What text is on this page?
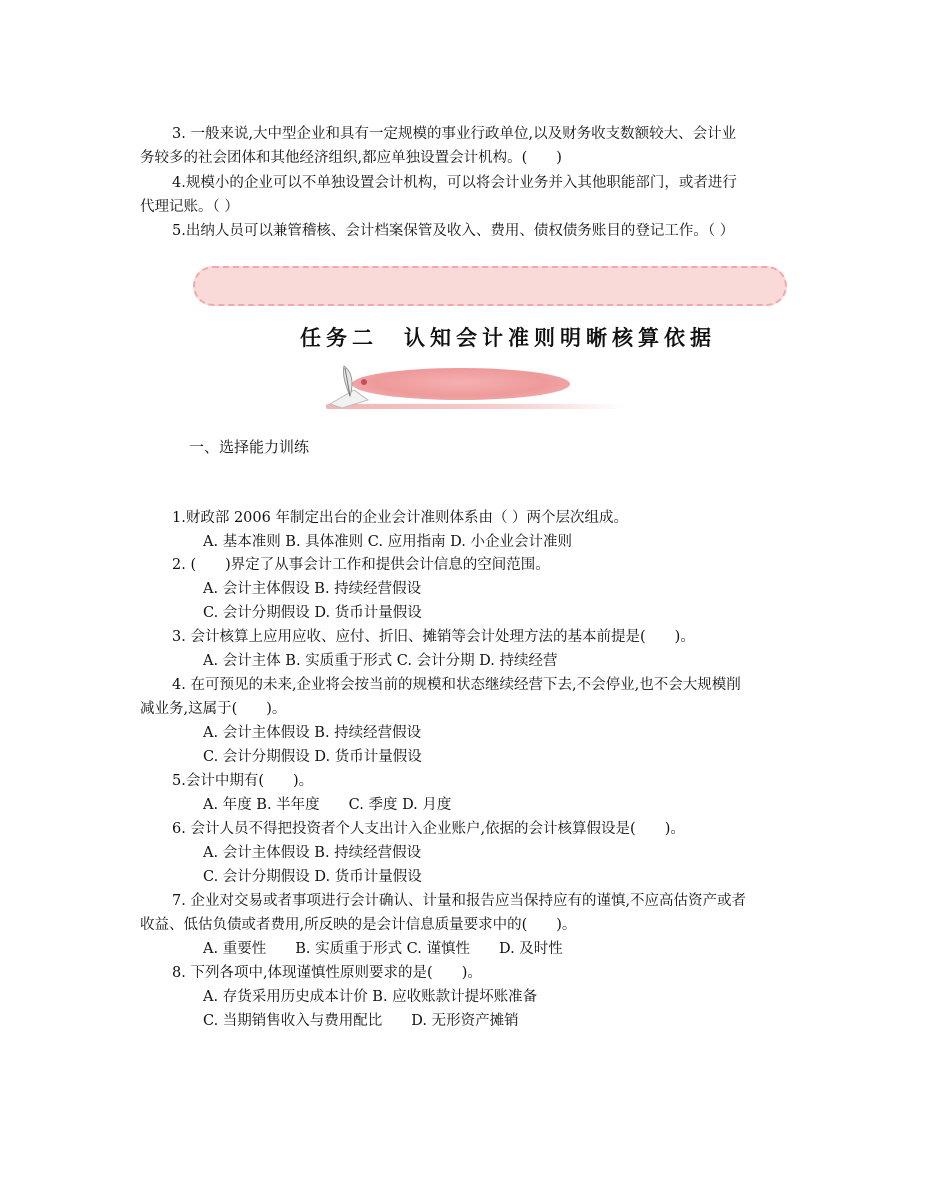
3. 一般来说,大中型企业和具有一定规模的事业行政单位,以及财务收支数额较大、会计业
务较多的社会团体和其他经济组织,都应单独设置会计机构。(　　)
4.规模小的企业可以不单独设置会计机构，可以将会计业务并入其他职能部门，或者进行
代理记账。（ ）
5.出纳人员可以兼管稽核、会计档案保管及收入、费用、债权债务账目的登记工作。（ ）
任务二　认知会计准则明晰核算依据
一、选择能力训练
1.财政部 2006 年制定出台的企业会计准则体系由（ ）两个层次组成。
A. 基本准则 B. 具体准则 C. 应用指南 D. 小企业会计准则
2. (　　)界定了从事会计工作和提供会计信息的空间范围。
A. 会计主体假设 B. 持续经营假设
C. 会计分期假设 D. 货币计量假设
3. 会计核算上应用应收、应付、折旧、摊销等会计处理方法的基本前提是(　　)。
A. 会计主体 B. 实质重于形式 C. 会计分期 D. 持续经营
4. 在可预见的未来,企业将会按当前的规模和状态继续经营下去,不会停业,也不会大规模削
减业务,这属于(　　)。
A. 会计主体假设 B. 持续经营假设
C. 会计分期假设 D. 货币计量假设
5.会计中期有(　　)。
A. 年度 B. 半年度　　C. 季度 D. 月度
6. 会计人员不得把投资者个人支出计入企业账户,依据的会计核算假设是(　　)。
A. 会计主体假设 B. 持续经营假设
C. 会计分期假设 D. 货币计量假设
7. 企业对交易或者事项进行会计确认、计量和报告应当保持应有的谨慎,不应高估资产或者
收益、低估负债或者费用,所反映的是会计信息质量要求中的(　　)。
A. 重要性　　B. 实质重于形式 C. 谨慎性　　D. 及时性
8. 下列各项中,体现谨慎性原则要求的是(　　)。
A. 存货采用历史成本计价 B. 应收账款计提坏账准备
C. 当期销售收入与费用配比　　D. 无形资产摊销
